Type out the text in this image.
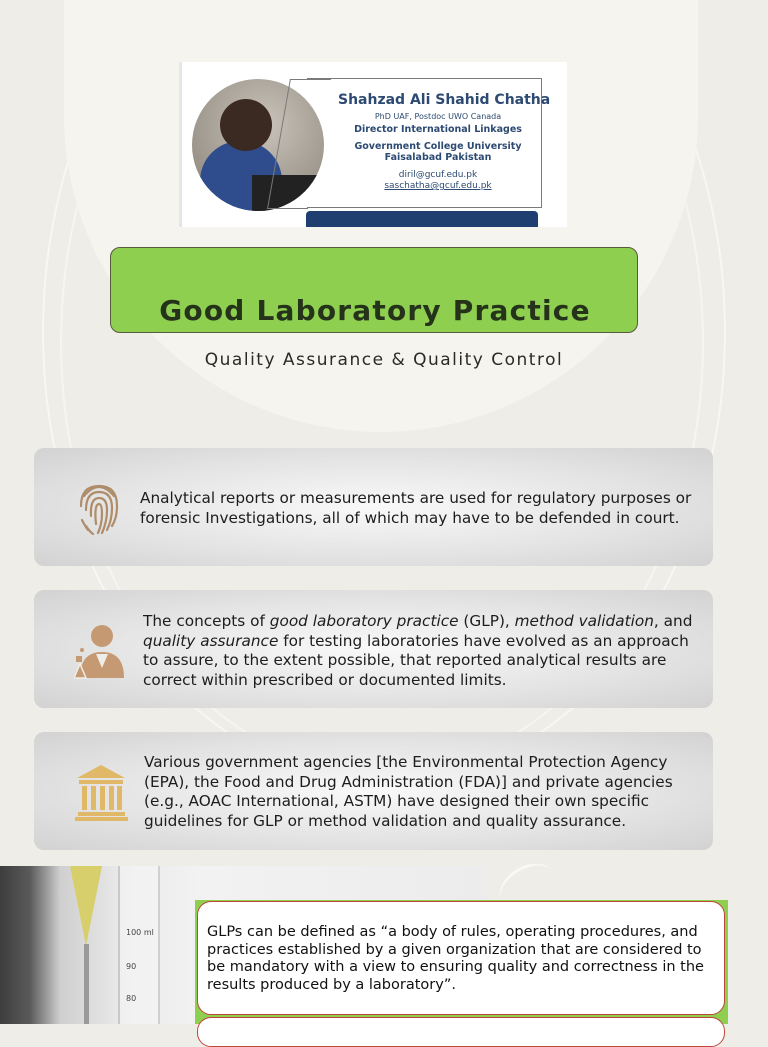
Shahzad Ali Shahid Chatha
PhD UAF, Postdoc UWO Canada
Director International Linkages
Government College University
Faisalabad Pakistan
diril@gcuf.edu.pk
saschatha@gcuf.edu.pk
Good Laboratory Practice
Quality Assurance & Quality Control
Analytical reports or measurements are used for regulatory purposes or forensic Investigations, all of which may have to be defended in court.
The concepts of good laboratory practice (GLP), method validation, and quality assurance for testing laboratories have evolved as an approach to assure, to the extent possible, that reported analytical results are correct within prescribed or documented limits.
Various government agencies [the Environmental Protection Agency (EPA), the Food and Drug Administration (FDA)] and private agencies (e.g., AOAC International, ASTM) have designed their own specific guidelines for GLP or method validation and quality assurance.
100 ml
90
80
GLPs can be defined as “a body of rules, operating procedures, and practices established by a given organization that are considered to be mandatory with a view to ensuring quality and correctness in the results produced by a laboratory”.
